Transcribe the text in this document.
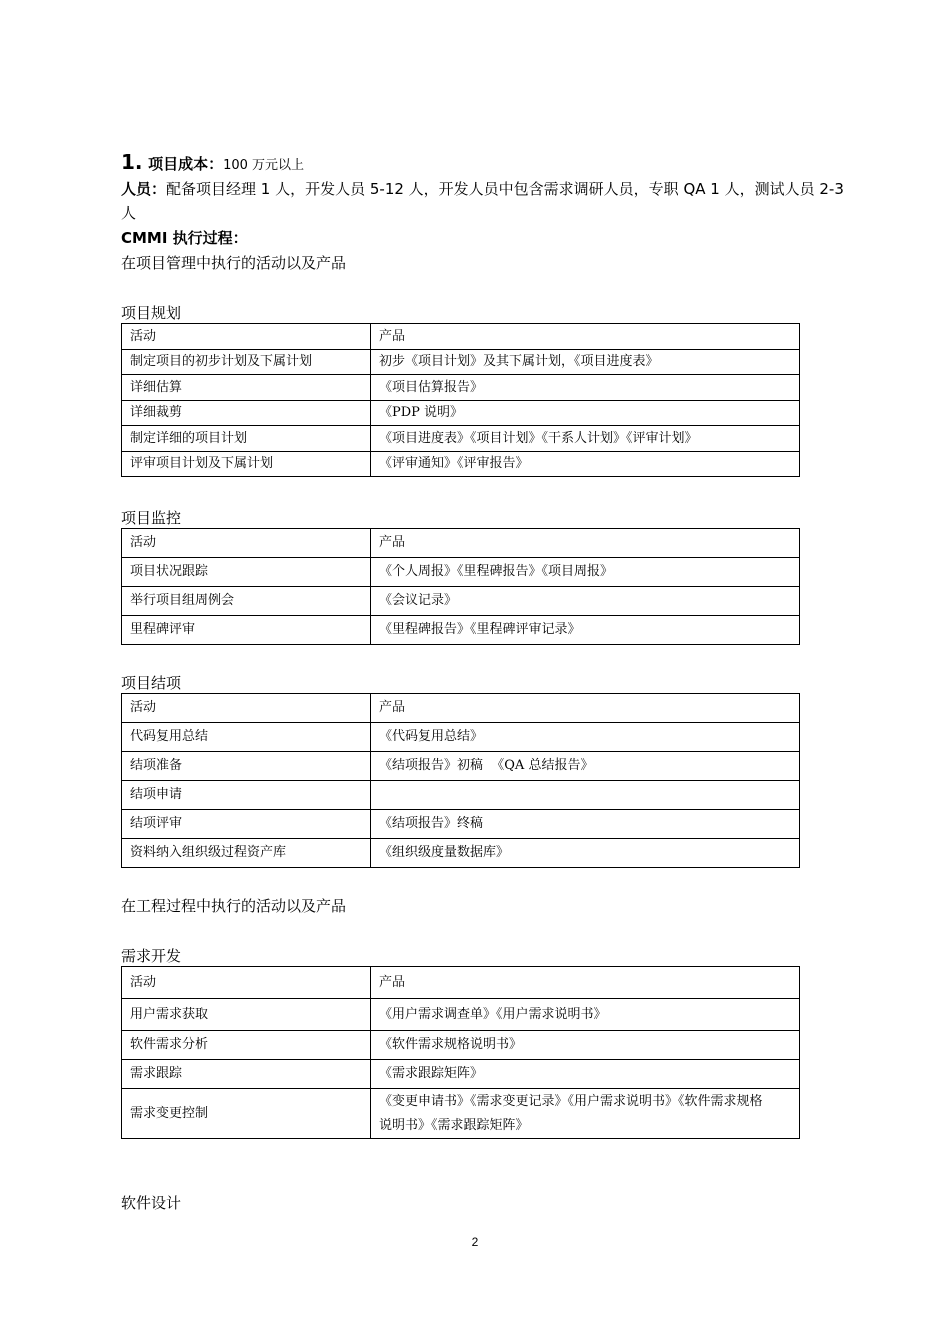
1. 项目成本：100 万元以上
人员：配备项目经理 1 人，开发人员 5-12 人，开发人员中包含需求调研人员，专职 QA 1 人，测试人员 2-3
人
CMMI 执行过程：
在项目管理中执行的活动以及产品
项目规划
活动	产品
制定项目的初步计划及下属计划	初步《项目计划》及其下属计划，《项目进度表》
详细估算	《项目估算报告》
详细裁剪	《PDP 说明》
制定详细的项目计划	《项目进度表》《项目计划》《干系人计划》《评审计划》
评审项目计划及下属计划	《评审通知》《评审报告》
项目监控
活动	产品
项目状况跟踪	《个人周报》《里程碑报告》《项目周报》
举行项目组周例会	《会议记录》
里程碑评审	《里程碑报告》《里程碑评审记录》
项目结项
活动	产品
代码复用总结	《代码复用总结》
结项准备	《结项报告》初稿  《QA 总结报告》
结项申请	
结项评审	《结项报告》终稿
资料纳入组织级过程资产库	《组织级度量数据库》
在工程过程中执行的活动以及产品
需求开发
活动	产品
用户需求获取	《用户需求调查单》《用户需求说明书》
软件需求分析	《软件需求规格说明书》
需求跟踪	《需求跟踪矩阵》
需求变更控制	《变更申请书》《需求变更记录》《用户需求说明书》《软件需求规格
说明书》《需求跟踪矩阵》
软件设计
2
